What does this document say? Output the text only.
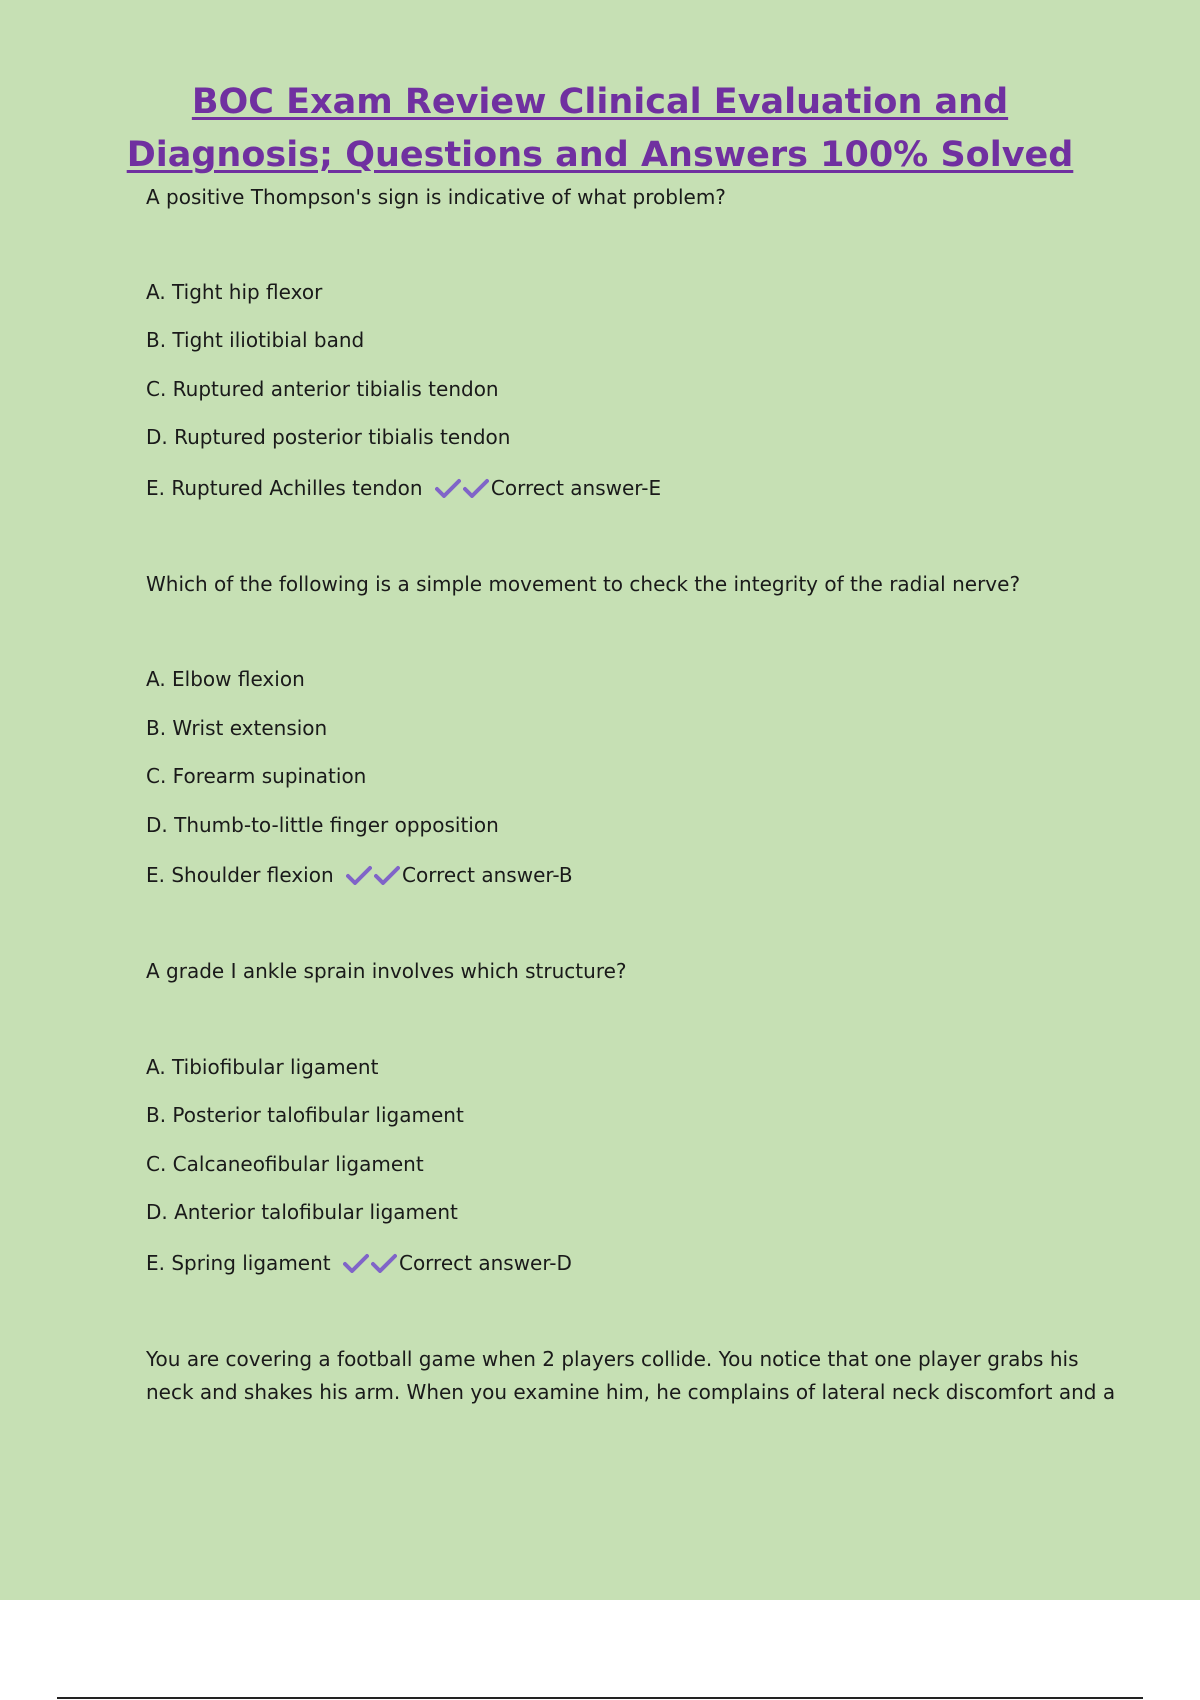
BOC Exam Review Clinical Evaluation and
Diagnosis; Questions and Answers 100% Solved
A positive Thompson's sign is indicative of what problem?
A. Tight hip flexor
B. Tight iliotibial band
C. Ruptured anterior tibialis tendon
D. Ruptured posterior tibialis tendon
E. Ruptured Achilles tendon	Correct answer-E
Which of the following is a simple movement to check the integrity of the radial nerve?
A. Elbow flexion
B. Wrist extension
C. Forearm supination
D. Thumb-to-little finger opposition
E. Shoulder flexion	Correct answer-B
A grade I ankle sprain involves which structure?
A. Tibiofibular ligament
B. Posterior talofibular ligament
C. Calcaneofibular ligament
D. Anterior talofibular ligament
E. Spring ligament	Correct answer-D
You are covering a football game when 2 players collide. You notice that one player grabs his
neck and shakes his arm. When you examine him, he complains of lateral neck discomfort and a
